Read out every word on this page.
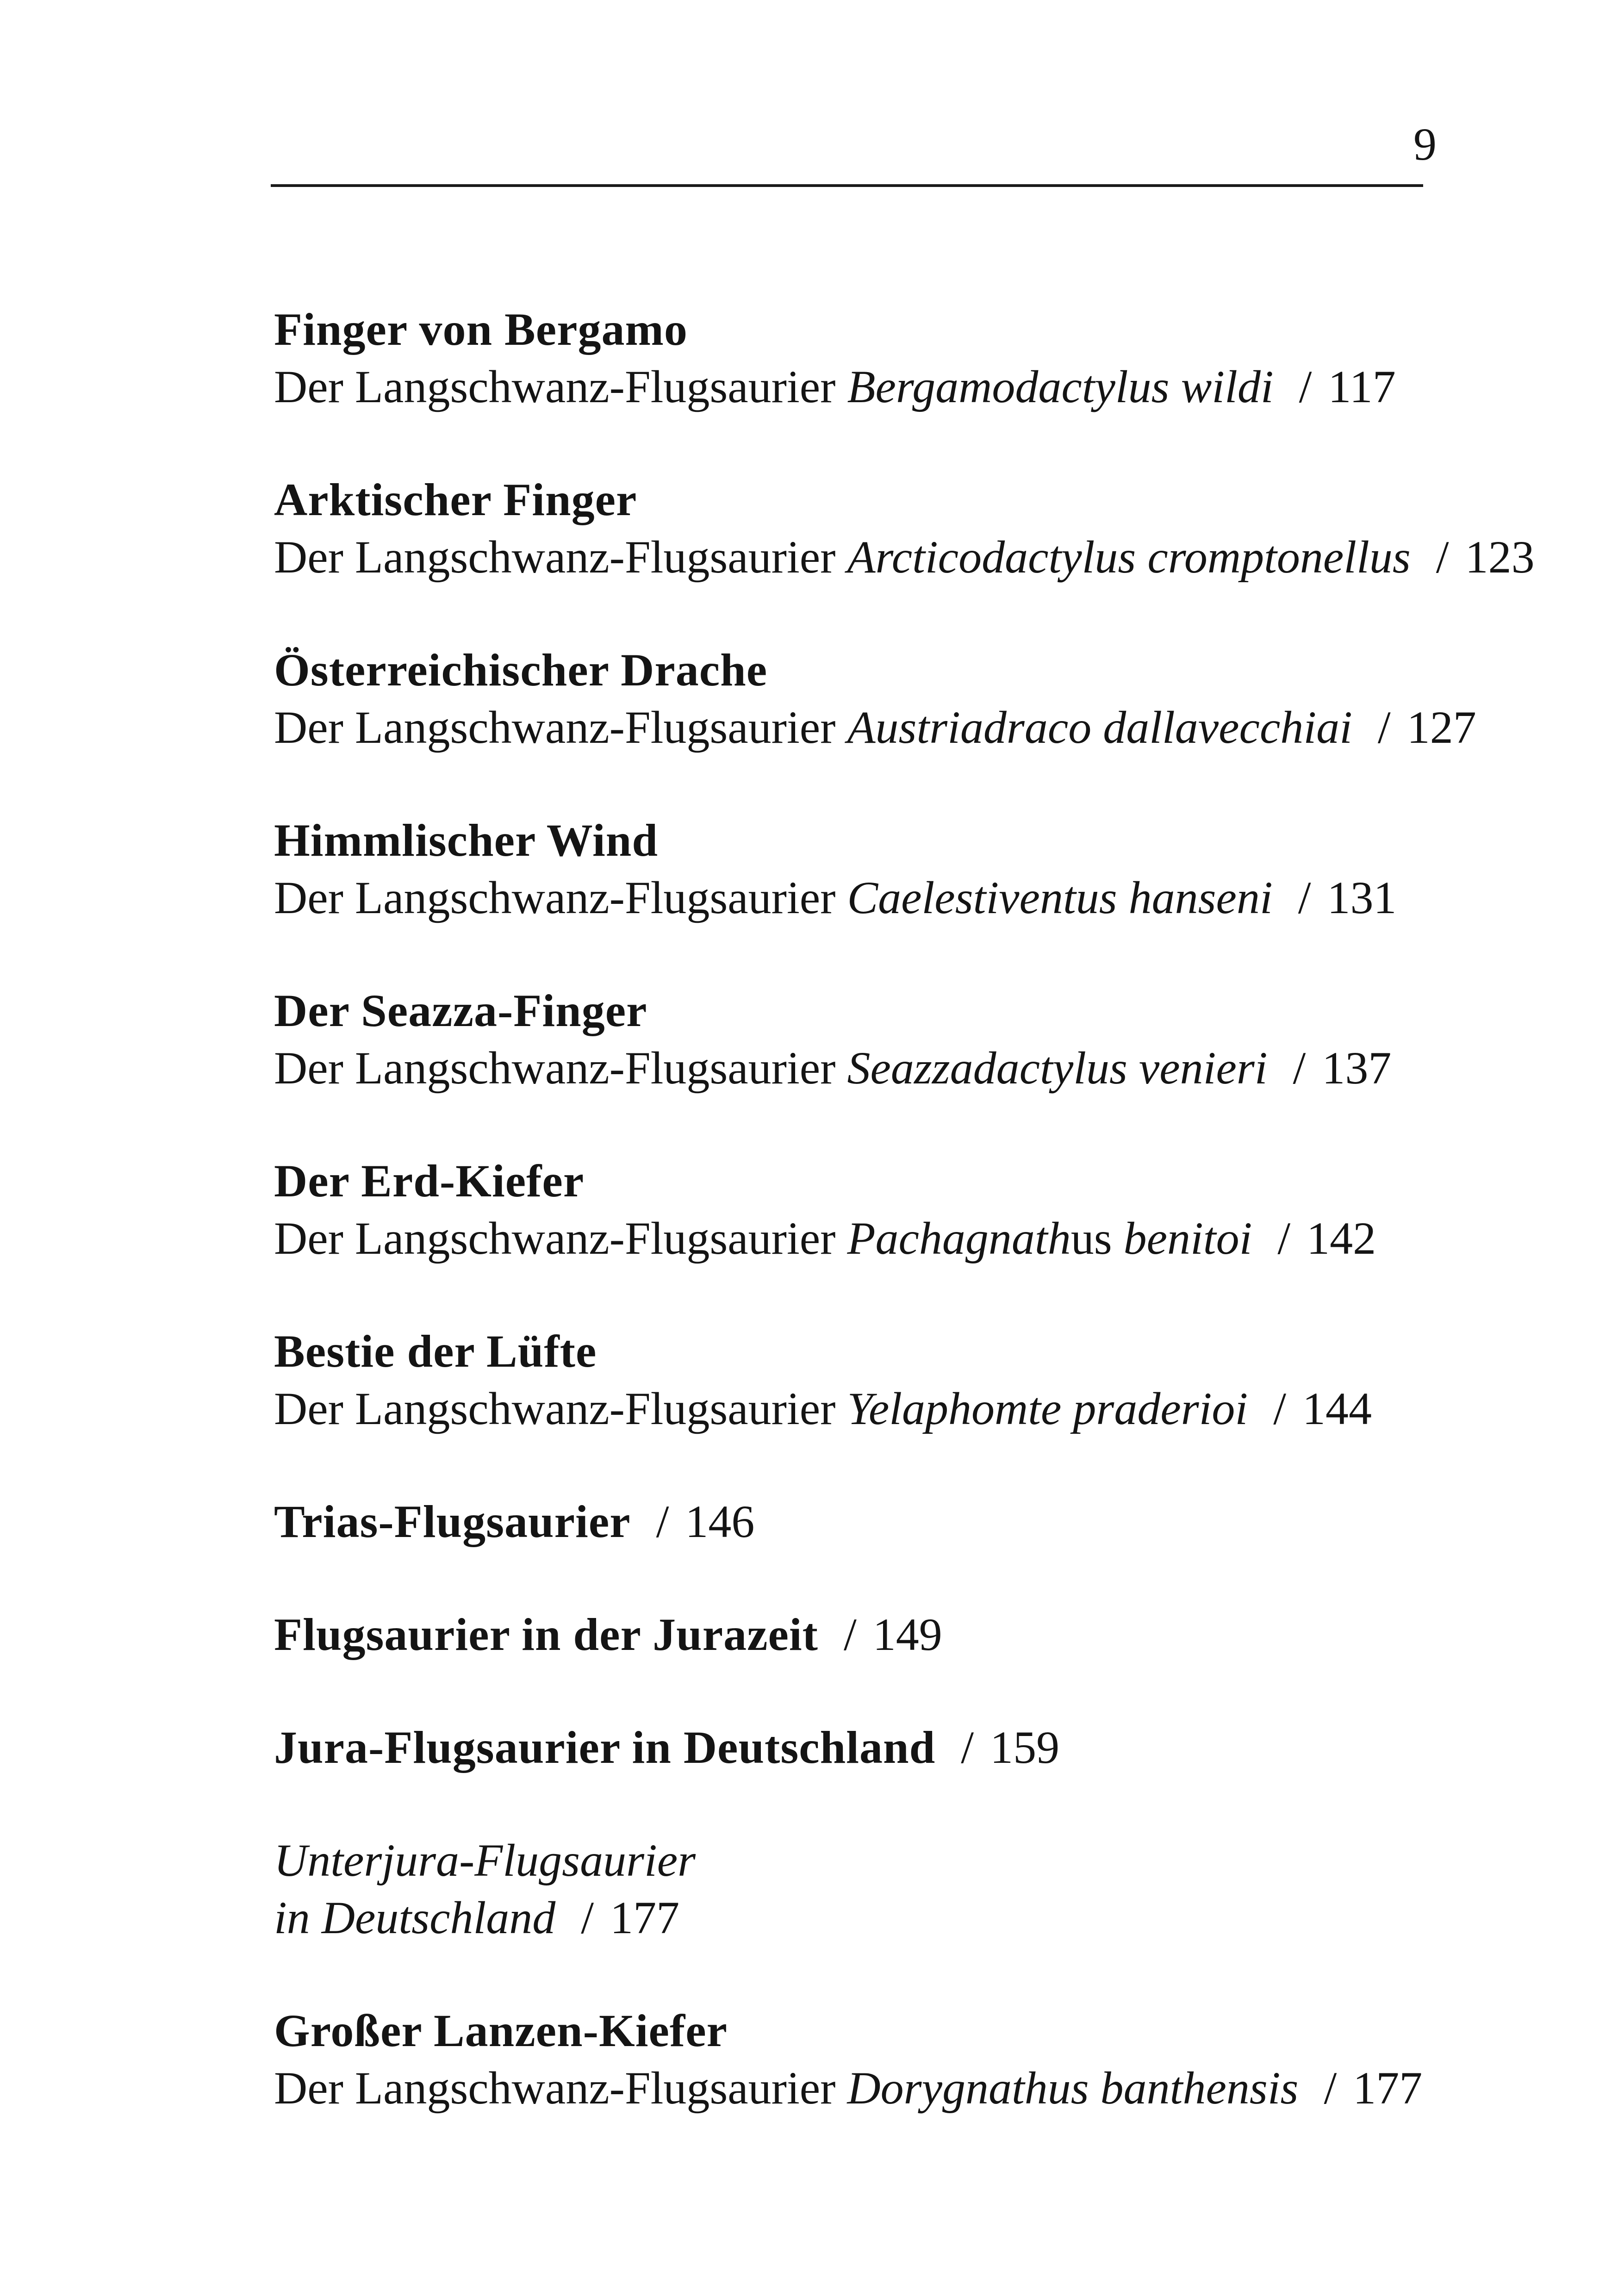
9
Finger von Bergamo
Der Langschwanz-Flugsaurier Bergamodactylus wildi / 117
Arktischer Finger
Der Langschwanz-Flugsaurier Arcticodactylus cromptonellus / 123
Österreichischer Drache
Der Langschwanz-Flugsaurier Austriadraco dallavecchiai / 127
Himmlischer Wind
Der Langschwanz-Flugsaurier Caelestiventus hanseni / 131
Der Seazza-Finger
Der Langschwanz-Flugsaurier Seazzadactylus venieri / 137
Der Erd-Kiefer
Der Langschwanz-Flugsaurier Pachagnathus benitoi / 142
Bestie der Lüfte
Der Langschwanz-Flugsaurier Yelaphomte praderioi / 144
Trias-Flugsaurier / 146
Flugsaurier in der Jurazeit / 149
Jura-Flugsaurier in Deutschland / 159
Unterjura-Flugsaurier
in Deutschland / 177
Großer Lanzen-Kiefer
Der Langschwanz-Flugsaurier Dorygnathus banthensis / 177
